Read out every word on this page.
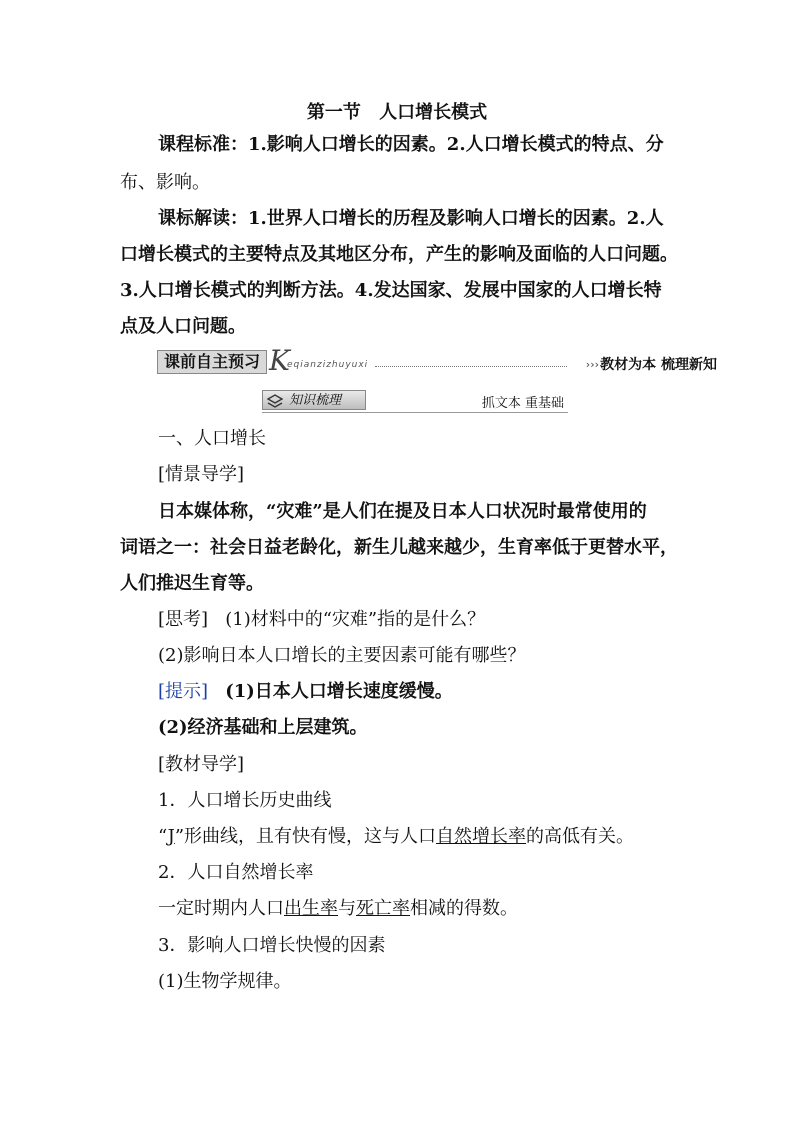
第一节 人口增长模式
课程标准：1.影响人口增长的因素。2.人口增长模式的特点、分
布、影响。
课标解读：1.世界人口增长的历程及影响人口增长的因素。2.人
口增长模式的主要特点及其地区分布，产生的影响及面临的人口问题。
3.人口增长模式的判断方法。4.发达国家、发展中国家的人口增长特
点及人口问题。
课前自主预习 K
eqianzizhuyuxi	››› 教材为本 梳理新知
知识梳理	抓文本 重基础
一、人口增长
[情景导学]
日本媒体称，“灾难”是人们在提及日本人口状况时最常使用的
词语之一：社会日益老龄化，新生儿越来越少，生育率低于更替水平，
人们推迟生育等。
[思考] (1)材料中的“灾难”指的是什么？
(2)影响日本人口增长的主要因素可能有哪些？
[提示] (1)日本人口增长速度缓慢。
(2)经济基础和上层建筑。
[教材导学]
1．人口增长历史曲线
“J”形曲线，且有快有慢，这与人口自然增长率的高低有关。
2．人口自然增长率
一定时期内人口出生率与死亡率相减的得数。
3．影响人口增长快慢的因素
(1)生物学规律。
